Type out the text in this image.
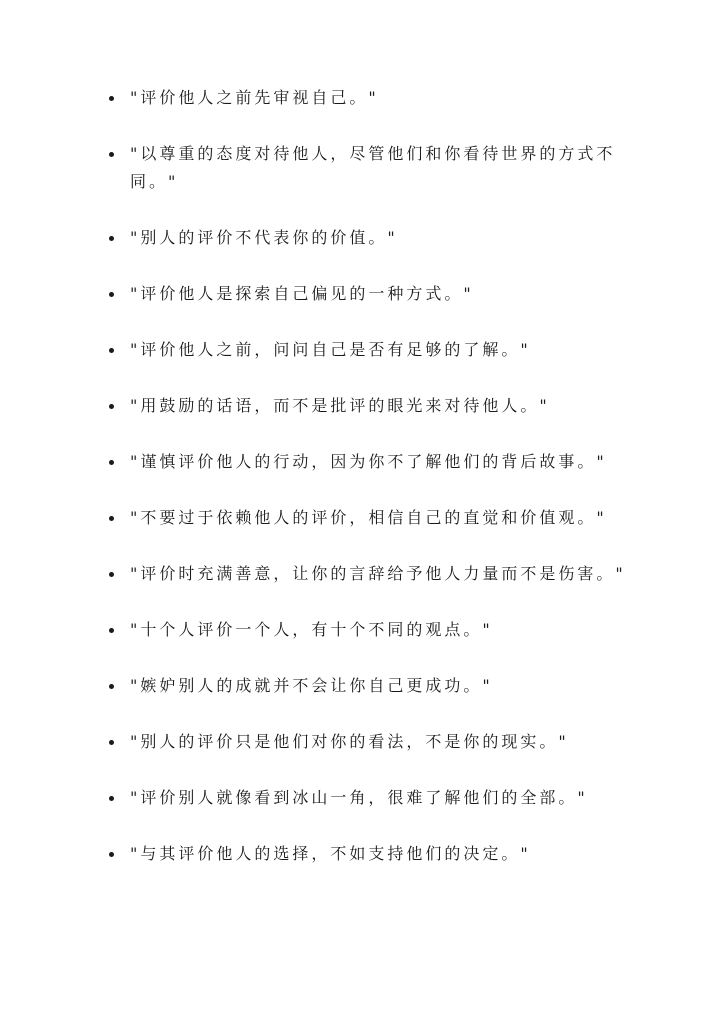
"评价他人之前先审视自己。"
"以尊重的态度对待他人，尽管他们和你看待世界的方式不同。"
"别人的评价不代表你的价值。"
"评价他人是探索自己偏见的一种方式。"
"评价他人之前，问问自己是否有足够的了解。"
"用鼓励的话语，而不是批评的眼光来对待他人。"
"谨慎评价他人的行动，因为你不了解他们的背后故事。"
"不要过于依赖他人的评价，相信自己的直觉和价值观。"
"评价时充满善意，让你的言辞给予他人力量而不是伤害。"
"十个人评价一个人，有十个不同的观点。"
"嫉妒别人的成就并不会让你自己更成功。"
"别人的评价只是他们对你的看法，不是你的现实。"
"评价别人就像看到冰山一角，很难了解他们的全部。"
"与其评价他人的选择，不如支持他们的决定。"
